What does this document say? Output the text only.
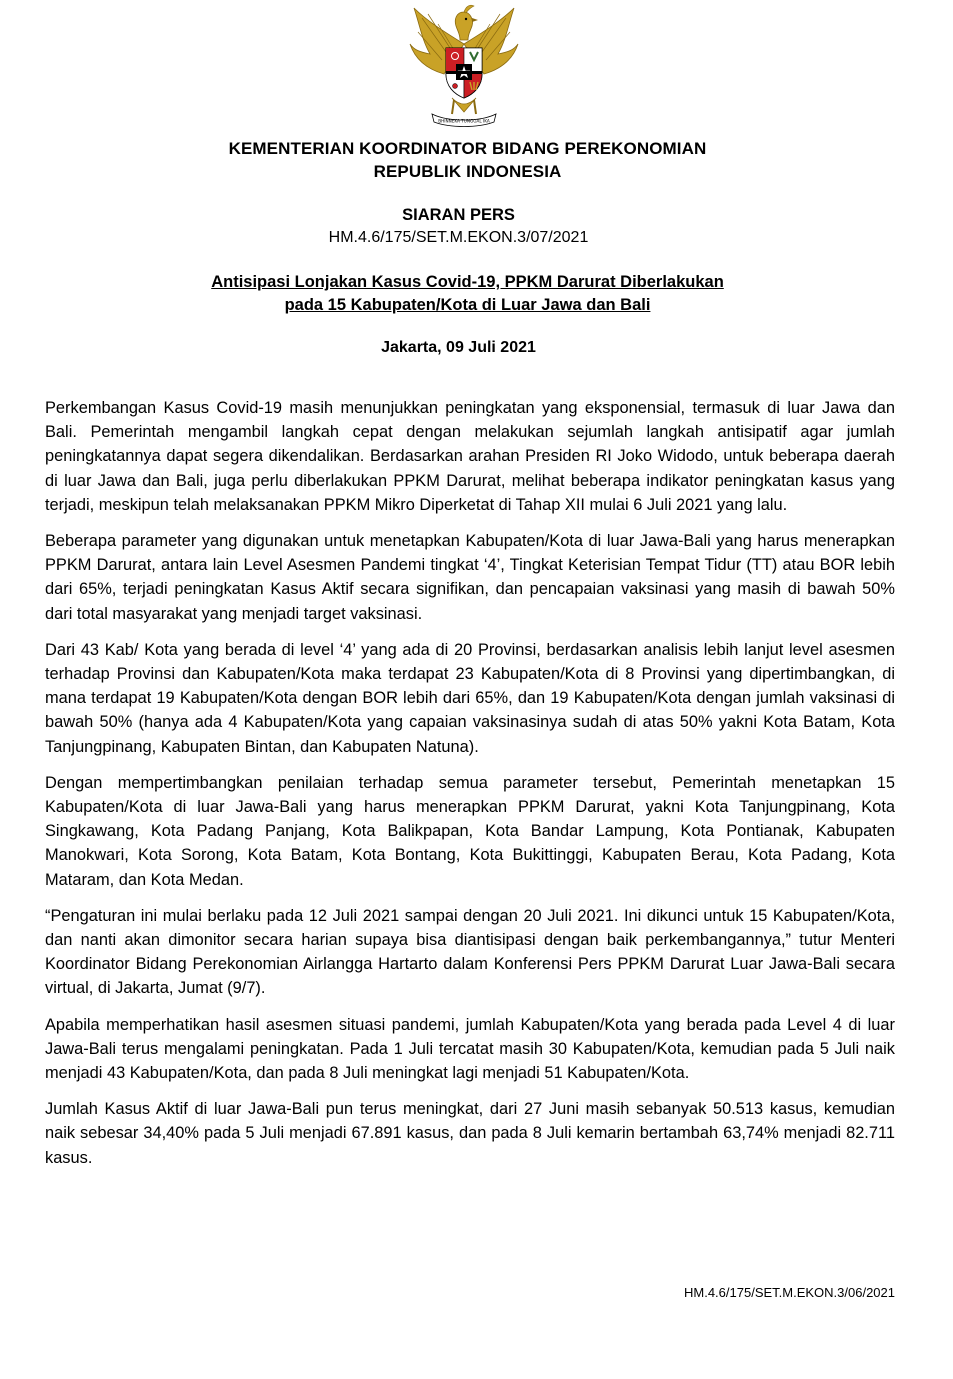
BHINNEKA TUNGGAL IKA
KEMENTERIAN KOORDINATOR BIDANG PEREKONOMIAN
REPUBLIK INDONESIA
SIARAN PERS
HM.4.6/175/SET.M.EKON.3/07/2021
Antisipasi Lonjakan Kasus Covid-19, PPKM Darurat Diberlakukan
pada 15 Kabupaten/Kota di Luar Jawa dan Bali
Jakarta, 09 Juli 2021

Perkembangan Kasus Covid-19 masih menunjukkan peningkatan yang eksponensial, termasuk di luar Jawa dan Bali. Pemerintah mengambil langkah cepat dengan melakukan sejumlah langkah antisipatif agar jumlah peningkatannya dapat segera dikendalikan. Berdasarkan arahan Presiden RI Joko Widodo, untuk beberapa daerah di luar Jawa dan Bali, juga perlu diberlakukan PPKM Darurat, melihat beberapa indikator peningkatan kasus yang terjadi, meskipun telah melaksanakan PPKM Mikro Diperketat di Tahap XII mulai 6 Juli 2021 yang lalu.

Beberapa parameter yang digunakan untuk menetapkan Kabupaten/Kota di luar Jawa-Bali yang harus menerapkan PPKM Darurat, antara lain Level Asesmen Pandemi tingkat ‘4’, Tingkat Keterisian Tempat Tidur (TT) atau BOR lebih dari 65%, terjadi peningkatan Kasus Aktif secara signifikan, dan pencapaian vaksinasi yang masih di bawah 50% dari total masyarakat yang menjadi target vaksinasi.

Dari 43 Kab/ Kota yang berada di level ‘4’ yang ada di 20 Provinsi, berdasarkan analisis lebih lanjut level asesmen terhadap Provinsi dan Kabupaten/Kota maka terdapat 23 Kabupaten/Kota di 8 Provinsi yang dipertimbangkan, di mana terdapat 19 Kabupaten/Kota dengan BOR lebih dari 65%, dan 19 Kabupaten/Kota dengan jumlah vaksinasi di bawah 50% (hanya ada 4 Kabupaten/Kota yang capaian vaksinasinya sudah di atas 50% yakni Kota Batam, Kota Tanjungpinang, Kabupaten Bintan, dan Kabupaten Natuna).

Dengan mempertimbangkan penilaian terhadap semua parameter tersebut, Pemerintah menetapkan 15 Kabupaten/Kota di luar Jawa-Bali yang harus menerapkan PPKM Darurat, yakni Kota Tanjungpinang, Kota Singkawang, Kota Padang Panjang, Kota Balikpapan, Kota Bandar Lampung, Kota Pontianak, Kabupaten Manokwari, Kota Sorong, Kota Batam, Kota Bontang, Kota Bukittinggi, Kabupaten Berau, Kota Padang, Kota Mataram, dan Kota Medan.

“Pengaturan ini mulai berlaku pada 12 Juli 2021 sampai dengan 20 Juli 2021. Ini dikunci untuk 15 Kabupaten/Kota, dan nanti akan dimonitor secara harian supaya bisa diantisipasi dengan baik perkembangannya,” tutur Menteri Koordinator Bidang Perekonomian Airlangga Hartarto dalam Konferensi Pers PPKM Darurat Luar Jawa-Bali secara virtual, di Jakarta, Jumat (9/7).

Apabila memperhatikan hasil asesmen situasi pandemi, jumlah Kabupaten/Kota yang berada pada Level 4 di luar Jawa-Bali terus mengalami peningkatan. Pada 1 Juli tercatat masih 30 Kabupaten/Kota, kemudian pada 5 Juli naik menjadi 43 Kabupaten/Kota, dan pada 8 Juli meningkat lagi menjadi 51 Kabupaten/Kota.

Jumlah Kasus Aktif di luar Jawa-Bali pun terus meningkat, dari 27 Juni masih sebanyak 50.513 kasus, kemudian naik sebesar 34,40% pada 5 Juli menjadi 67.891 kasus, dan pada 8 Juli kemarin bertambah 63,74% menjadi 82.711 kasus.

HM.4.6/175/SET.M.EKON.3/06/2021
